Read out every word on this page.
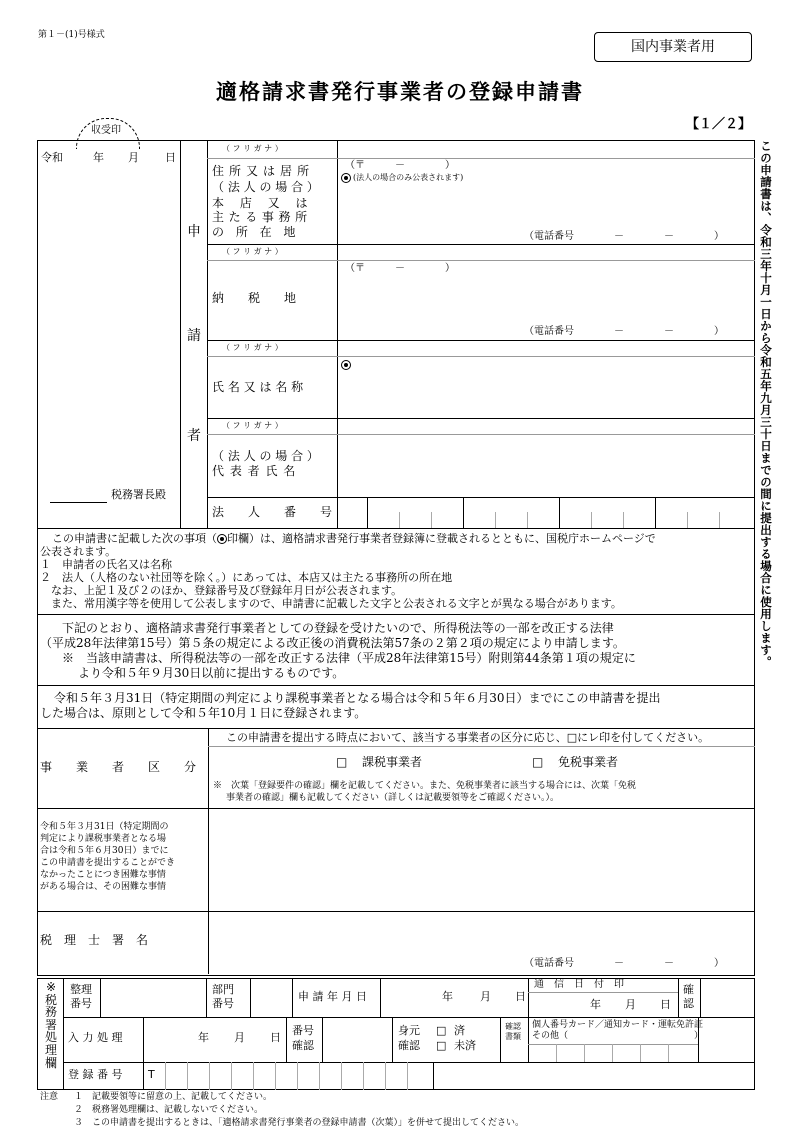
第１－(1)号様式
国内事業者用
適格請求書発行事業者の登録申請書
【１／２】
収受印
令和	年 月 日
税務署長殿
申
請
者
（ フ リ ガ ナ ）
住 所 又 は 居 所
（ 法 人 の 場 合 ）
本 店 又 は
主 た る 事 務 所
の 所 在 地
（〒　　　－　　　　）
(法人の場合のみ公表されます)
（電話番号　　　　－　　　　－　　　　）
（ フ リ ガ ナ ）
納　　税　　地
（〒　　　－　　　　）
（電話番号　　　　－　　　　－　　　　）
（ フ リ ガ ナ ）
氏 名 又 は 名 称
（ フ リ ガ ナ ）
（ 法 人 の 場 合 ）
代 表 者 氏 名
法　　人　　番　　号
この申請書に記載した次の事項（ 印欄）は、適格請求書発行事業者登録簿に登載されるとともに、国税庁ホームページで
公表されます。
１　申請者の氏名又は名称
２　法人（人格のない社団等を除く。）にあっては、本店又は主たる事務所の所在地
　なお、上記１及び２のほか、登録番号及び登録年月日が公表されます。
　また、常用漢字等を使用して公表しますので、申請書に記載した文字と公表される文字とが異なる場合があります。
下記のとおり、適格請求書発行事業者としての登録を受けたいので、所得税法等の一部を改正する法律
（平成28年法律第15号）第５条の規定による改正後の消費税法第57条の２第２項の規定により申請します。
※　当該申請書は、所得税法等の一部を改正する法律（平成28年法律第15号）附則第44条第１項の規定に
より令和５年９月30日以前に提出するものです。
令和５年３月31日（特定期間の判定により課税事業者となる場合は令和５年６月30日）までにこの申請書を提出
した場合は、原則として令和５年10月１日に登録されます。
事　　業　　者　　区　　分
この申請書を提出する時点において、該当する事業者の区分に応じ、□にレ印を付してください。
□ 課税事業者	□ 免税事業者
※　次葉「登録要件の確認」欄を記載してください。また、免税事業者に該当する場合には、次葉「免税
事業者の確認」欄も記載してください（詳しくは記載要領等をご確認ください。）。
令和５年３月31日（特定期間の
判定により課税事業者となる場
合は令和５年６月30日）までに
この申請書を提出することができ
なかったことにつき困難な事情
がある場合は、その困難な事情
税　理　士　署　名
（電話番号　　　　－　　　　－　　　　）
※
税
務
署
処
理
欄
整理
番号
部門
番号
申 請 年 月 日	年 月 日
通　信　日　付　印
年 月 日
確
認
入 力 処 理	年 月 日
番号
確認
身元
確認
□ 済
□ 未済
確認
書類
個人番号カード／通知カード・運転免許証
その他（　　　　　　　　　　　　　　）
登 録 番 号 T
注意 １　記載要領等に留意の上、記載してください。
２　税務署処理欄は、記載しないでください。
３　この申請書を提出するときは、「適格請求書発行事業者の登録申請書（次葉）」を併せて提出してください。
この申請書は、令和三年十月一日から令和五年九月三十日までの間に提出する場合に使用します。
